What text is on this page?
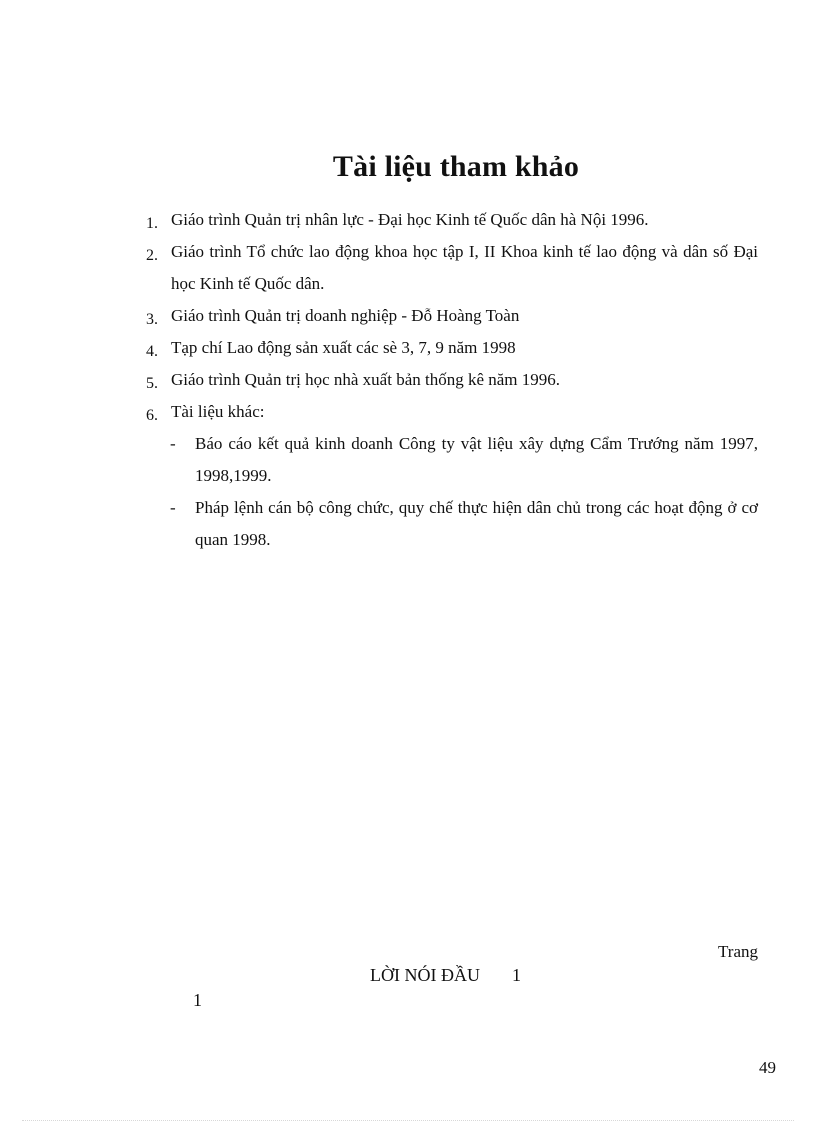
Tài liệu tham khảo
1. Giáo trình Quản trị nhân lực - Đại học Kinh tế Quốc dân hà Nội 1996.
2. Giáo trình Tổ chức lao động khoa học tập I, II Khoa kinh tế lao động và dân số Đại học Kinh tế Quốc dân.
3. Giáo trình Quản trị doanh nghiệp - Đỗ Hoàng Toàn
4. Tạp chí Lao động sản xuất các sè 3, 7, 9 năm 1998
5. Giáo trình Quản trị học nhà xuất bản thống kê năm 1996.
6. Tài liệu khác:
- Báo cáo kết quả kinh doanh Công ty vật liệu xây dựng Cẩm Trướng năm 1997, 1998,1999.
- Pháp lệnh cán bộ công chức, quy chế thực hiện dân chủ trong các hoạt động ở cơ quan 1998.
Trang
LỜI NÓI ĐẦU 1
1
49
